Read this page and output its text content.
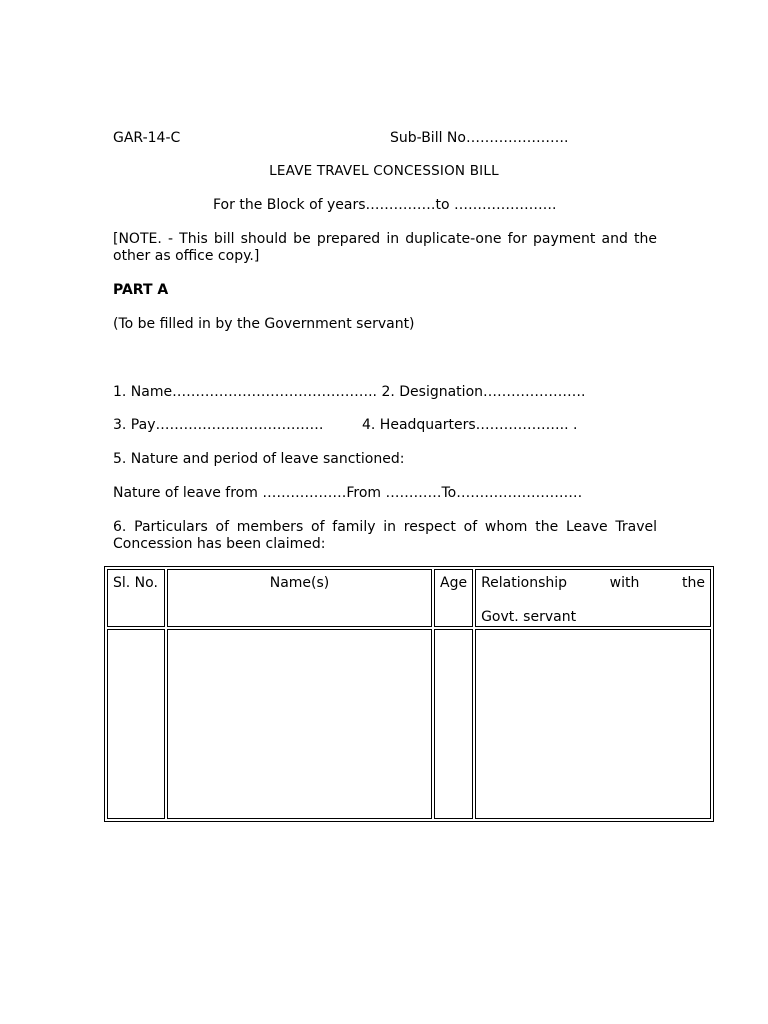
GAR-14-C	Sub-Bill No………………….
LEAVE TRAVEL CONCESSION BILL
For the Block of years……………to ………………….
[NOTE. - This bill should be prepared in duplicate-one for payment and the other as office copy.]
PART A
(To be filled in by the Government servant)
1. Name…………………………………….. 2. Designation………………….
3. Pay………………………………	4. Headquarters……………….. .
5. Nature and period of leave sanctioned:
Nature of leave from ………………From …………To………………………
6. Particulars of members of family in respect of whom the Leave Travel Concession has been claimed:
Sl. No.	Name(s)	Age	Relationship with the
Govt. servant
